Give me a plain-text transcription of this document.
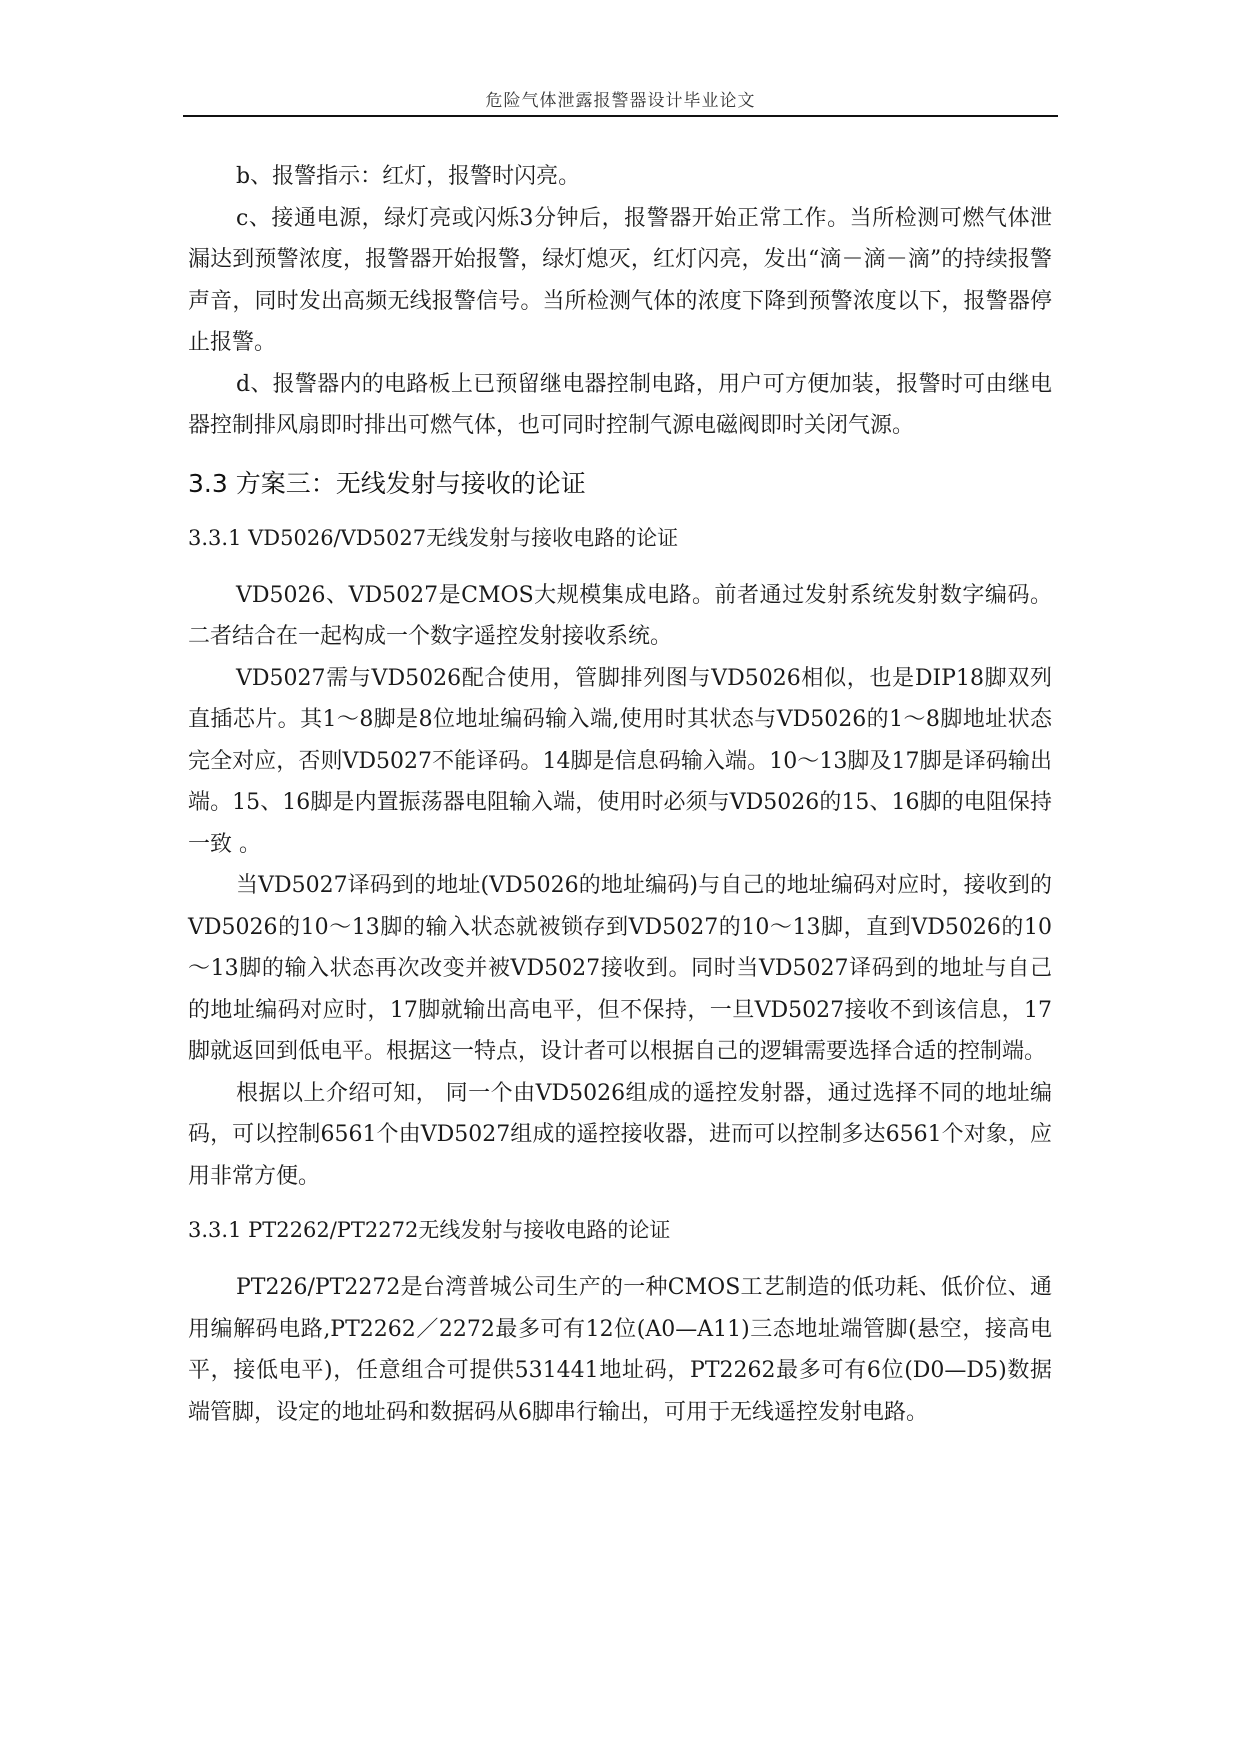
危险气体泄露报警器设计毕业论文

b、报警指示：红灯，报警时闪亮。

c、接通电源，绿灯亮或闪烁3分钟后，报警器开始正常工作。当所检测可燃气体泄漏达到预警浓度，报警器开始报警，绿灯熄灭，红灯闪亮，发出“滴－滴－滴”的持续报警声音，同时发出高频无线报警信号。当所检测气体的浓度下降到预警浓度以下，报警器停止报警。

d、报警器内的电路板上已预留继电器控制电路，用户可方便加装，报警时可由继电器控制排风扇即时排出可燃气体，也可同时控制气源电磁阀即时关闭气源。

3.3 方案三：无线发射与接收的论证
3.3.1 VD5026/VD5027无线发射与接收电路的论证

VD5026、VD5027是CMOS大规模集成电路。前者通过发射系统发射数字编码。二者结合在一起构成一个数字遥控发射接收系统。

VD5027需与VD5026配合使用，管脚排列图与VD5026相似，也是DIP18脚双列直插芯片。其1～8脚是8位地址编码输入端,使用时其状态与VD5026的1～8脚地址状态完全对应，否则VD5027不能译码。14脚是信息码输入端。10～13脚及17脚是译码输出端。15、16脚是内置振荡器电阻输入端，使用时必须与VD5026的15、16脚的电阻保持一致 。

当VD5027译码到的地址(VD5026的地址编码)与自己的地址编码对应时，接收到的VD5026的10～13脚的输入状态就被锁存到VD5027的10～13脚，直到VD5026的10～13脚的输入状态再次改变并被VD5027接收到。同时当VD5027译码到的地址与自己的地址编码对应时，17脚就输出高电平，但不保持，一旦VD5027接收不到该信息，17脚就返回到低电平。根据这一特点，设计者可以根据自己的逻辑需要选择合适的控制端。

根据以上介绍可知， 同一个由VD5026组成的遥控发射器，通过选择不同的地址编码，可以控制6561个由VD5027组成的遥控接收器，进而可以控制多达6561个对象，应用非常方便。

3.3.1 PT2262/PT2272无线发射与接收电路的论证

PT226/PT2272是台湾普城公司生产的一种CMOS工艺制造的低功耗、低价位、通用编解码电路,PT2262／2272最多可有12位(A0—A11)三态地址端管脚(悬空，接高电平，接低电平)，任意组合可提供531441地址码，PT2262最多可有6位(D0—D5)数据端管脚，设定的地址码和数据码从6脚串行输出，可用于无线遥控发射电路。
